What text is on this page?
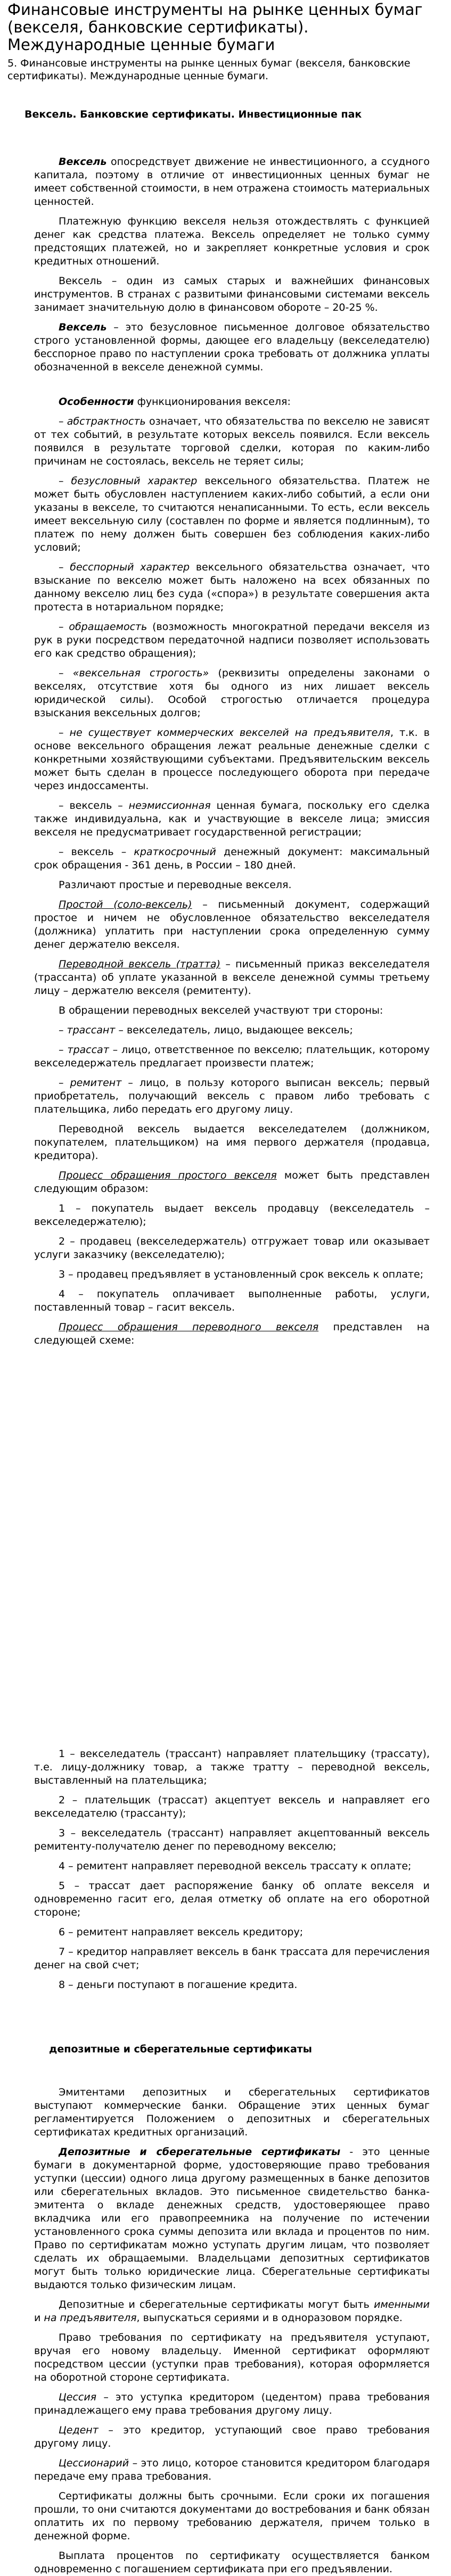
Финансовые инструменты на рынке ценных бумаг (векселя, банковские сертификаты). Международные ценные бумаги
5. Финансовые инструменты на рынке ценных бумаг (векселя, банковские сертификаты). Международные ценные бумаги.
Вексель. Банковские сертификаты. Инвестиционные пак

Вексель опосредствует движение не инвестиционного, а ссудного капитала, поэтому в отличие от инвестиционных ценных бумаг не имеет собственной стоимости, в нем отражена стоимость материальных ценностей.

Платежную функцию векселя нельзя отождествлять с функцией денег как средства платежа. Вексель определяет не только сумму предстоящих платежей, но и закрепляет конкретные условия и срок кредитных отношений.

Вексель – один из самых старых и важнейших финансовых инструментов. В странах с развитыми финансовыми системами вексель занимает значительную долю в финансовом обороте – 20-25 %.

Вексель – это безусловное письменное долговое обязательство строго установленной формы, дающее его владельцу (векселедателю) бесспорное право по наступлении срока требовать от должника уплаты обозначенной в векселе денежной суммы.

Особенности функционирования векселя:

– абстрактность означает, что обязательства по векселю не зависят от тех событий, в результате которых вексель появился. Если вексель появился в результате торговой сделки, которая по каким-либо причинам не состоялась, вексель не теряет силы;

– безусловный характер вексельного обязательства. Платеж не может быть обусловлен наступлением каких-либо событий, а если они указаны в векселе, то считаются ненаписанными. То есть, если вексель имеет вексельную силу (составлен по форме и является подлинным), то платеж по нему должен быть совершен без соблюдения каких-либо условий;

– бесспорный характер вексельного обязательства означает, что взыскание по векселю может быть наложено на всех обязанных по данному векселю лиц без суда («спора») в результате совершения акта протеста в нотариальном порядке;

– обращаемость (возможность многократной передачи векселя из рук в руки посредством передаточной надписи позволяет использовать его как средство обращения);

– «вексельная строгость» (реквизиты определены законами о векселях, отсутствие хотя бы одного из них лишает вексель юридической силы). Особой строгостью отличается процедура взыскания вексельных долгов;

– не существует коммерческих векселей на предъявителя, т.к. в основе вексельного обращения лежат реальные денежные сделки с конкретными хозяйствующими субъектами. Предъявительским вексель может быть сделан в процессе последующего оборота при передаче через индоссаменты.

– вексель – неэмиссионная ценная бумага, поскольку его сделка также индивидуальна, как и участвующие в векселе лица; эмиссия векселя не предусматривает государственной регистрации;

– вексель – краткосрочный денежный документ: максимальный срок обращения - 361 день, в России – 180 дней.

Различают простые и переводные векселя.

Простой (соло-вексель) – письменный документ, содержащий простое и ничем не обусловленное обязательство векселедателя (должника) уплатить при наступлении срока определенную сумму денег держателю векселя.

Переводной вексель (тратта) – письменный приказ векселедателя (трассанта) об уплате указанной в векселе денежной суммы третьему лицу – держателю векселя (ремитенту).

В обращении переводных векселей участвуют три стороны:

– трассант – векселедатель, лицо, выдающее вексель;

– трассат – лицо, ответственное по векселю; плательщик, которому векселедержатель предлагает произвести платеж;

– ремитент – лицо, в пользу которого выписан вексель; первый приобретатель, получающий вексель с правом либо требовать с плательщика, либо передать его другому лицу.

Переводной вексель выдается векселедателем (должником, покупателем, плательщиком) на имя первого держателя (продавца, кредитора).

Процесс обращения простого векселя может быть представлен следующим образом:

1 – покупатель выдает вексель продавцу (векселедатель – векселедержателю);

2 – продавец (векселедержатель) отгружает товар или оказывает услуги заказчику (векселедателю);

3 – продавец предъявляет в установленный срок вексель к оплате;

4 – покупатель оплачивает выполненные работы, услуги, поставленный товар – гасит вексель.

Процесс обращения переводного векселя представлен на следующей схеме:

1 – векселедатель (трассант) направляет плательщику (трассату), т.е. лицу-должнику товар, а также тратту – переводной вексель, выставленный на плательщика;

2 – плательщик (трассат) акцептует вексель и направляет его векселедателю (трассанту);

3 – векселедатель (трассант) направляет акцептованный вексель ремитенту-получателю денег по переводному векселю;

4 – ремитент направляет переводной вексель трассату к оплате;

5 – трассат дает распоряжение банку об оплате векселя и одновременно гасит его, делая отметку об оплате на его оборотной стороне;

6 – ремитент направляет вексель кредитору;

7 – кредитор направляет вексель в банк трассата для перечисления денег на свой счет;

8 – деньги поступают в погашение кредита.

депозитные и сберегательные сертификаты

Эмитентами депозитных и сберегательных сертификатов выступают коммерческие банки. Обращение этих ценных бумаг регламентируется Положением о депозитных и сберегательных сертификатах кредитных организаций.

Депозитные и сберегательные сертификаты - это ценные бумаги в документарной форме, удостоверяющие право требования уступки (цессии) одного лица другому размещенных в банке депозитов или сберегательных вкладов. Это письменное свидетельство банка-эмитента о вкладе денежных средств, удостоверяющее право вкладчика или его правопреемника на получение по истечении установленного срока суммы депозита или вклада и процентов по ним. Право по сертификатам можно уступать другим лицам, что позволяет сделать их обращаемыми. Владельцами депозитных сертификатов могут быть только юридические лица. Сберегательные сертификаты выдаются только физическим лицам.

Депозитные и сберегательные сертификаты могут быть именными и на предъявителя, выпускаться сериями и в одноразовом порядке.

Право требования по сертификату на предъявителя уступают, вручая его новому владельцу. Именной сертификат оформляют посредством цессии (уступки прав требования), которая оформляется на оборотной стороне сертификата.

Цессия – это уступка кредитором (цедентом) права требования принадлежащего ему права требования другому лицу.

Цедент – это кредитор, уступающий свое право требования другому лицу.

Цессионарий – это лицо, которое становится кредитором благодаря передаче ему права требования.

Сертификаты должны быть срочными. Если сроки их погашения прошли, то они считаются документами до востребования и банк обязан оплатить их по первому требованию держателя, причем только в денежной форме.

Выплата процентов по сертификату осуществляется банком одновременно с погашением сертификата при его предъявлении.
